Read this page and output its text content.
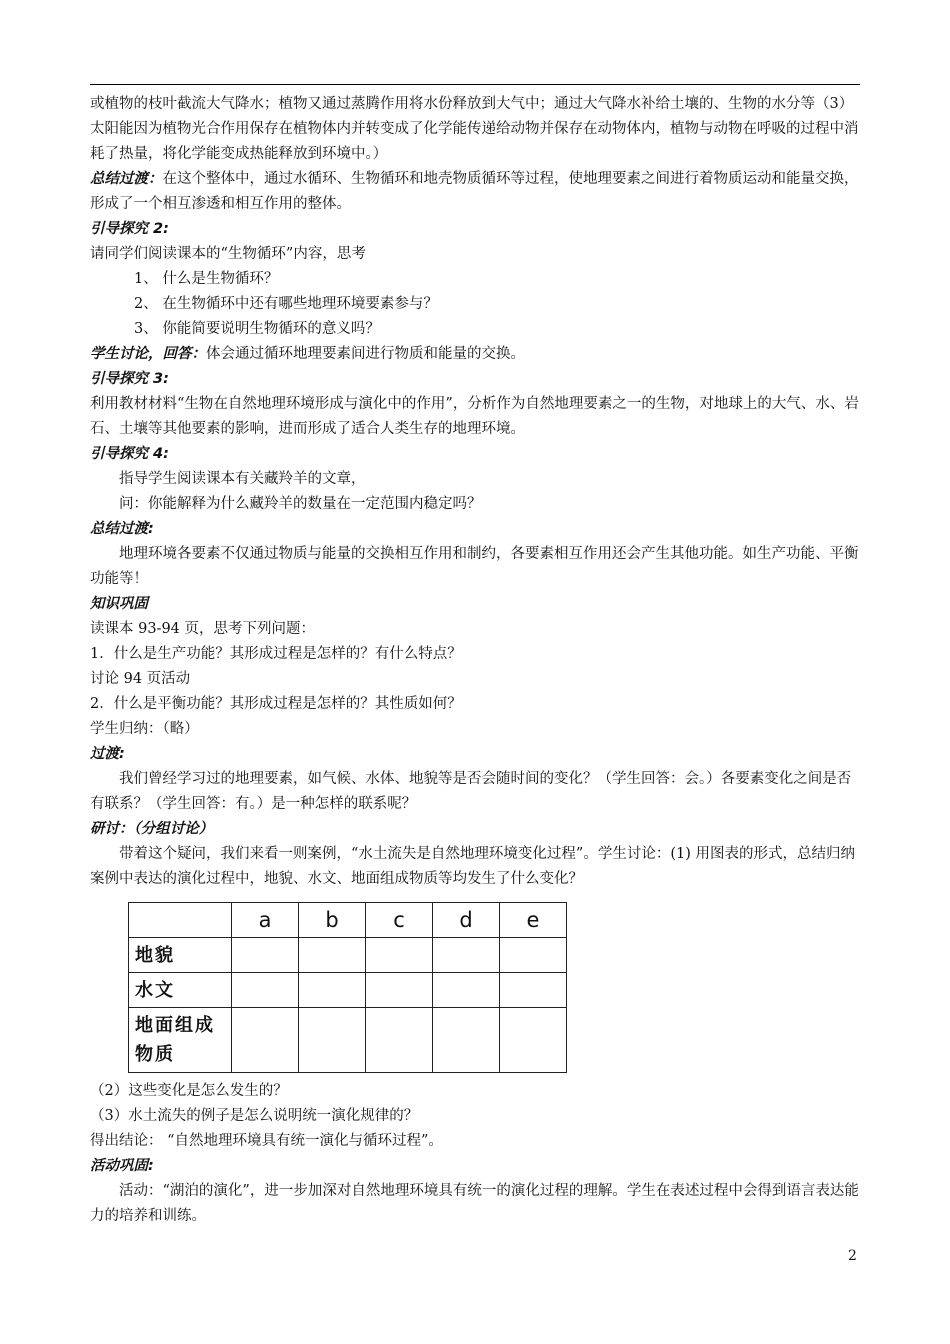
或植物的枝叶截流大气降水；植物又通过蒸腾作用将水份释放到大气中；通过大气降水补给土壤的、生物的水分等（3）太阳能因为植物光合作用保存在植物体内并转变成了化学能传递给动物并保存在动物体内，植物与动物在呼吸的过程中消耗了热量，将化学能变成热能释放到环境中。）

总结过渡：在这个整体中，通过水循环、生物循环和地壳物质循环等过程，使地理要素之间进行着物质运动和能量交换，形成了一个相互渗透和相互作用的整体。

引导探究 2:

请同学们阅读课本的“生物循环”内容，思考

1、 什么是生物循环？

2、 在生物循环中还有哪些地理环境要素参与？

3、 你能简要说明生物循环的意义吗？

学生讨论，回答：体会通过循环地理要素间进行物质和能量的交换。

引导探究 3:

利用教材材料“生物在自然地理环境形成与演化中的作用”，分析作为自然地理要素之一的生物，对地球上的大气、水、岩石、土壤等其他要素的影响，进而形成了适合人类生存的地理环境。

引导探究 4:

指导学生阅读课本有关藏羚羊的文章，

问：你能解释为什么藏羚羊的数量在一定范围内稳定吗？

总结过渡:

地理环境各要素不仅通过物质与能量的交换相互作用和制约，各要素相互作用还会产生其他功能。如生产功能、平衡功能等！

知识巩固

读课本 93-94 页，思考下列问题：

1．什么是生产功能？其形成过程是怎样的？有什么特点？

讨论 94 页活动

2．什么是平衡功能？其形成过程是怎样的？其性质如何？

学生归纳：（略）

过渡:

我们曾经学习过的地理要素，如气候、水体、地貌等是否会随时间的变化？（学生回答：会。）各要素变化之间是否有联系？（学生回答：有。）是一种怎样的联系呢？

研讨：（分组讨论）

带着这个疑问，我们来看一则案例，“水土流失是自然地理环境变化过程”。学生讨论：(1) 用图表的形式，总结归纳案例中表达的演化过程中，地貌、水文、地面组成物质等均发生了什么变化？

	a	b	c	d	e
地貌					
水文					
地面组成物质					

（2）这些变化是怎么发生的？

（3）水土流失的例子是怎么说明统一演化规律的？

得出结论： “自然地理环境具有统一演化与循环过程”。

活动巩固:

活动：“湖泊的演化”，进一步加深对自然地理环境具有统一的演化过程的理解。学生在表述过程中会得到语言表达能力的培养和训练。

2
